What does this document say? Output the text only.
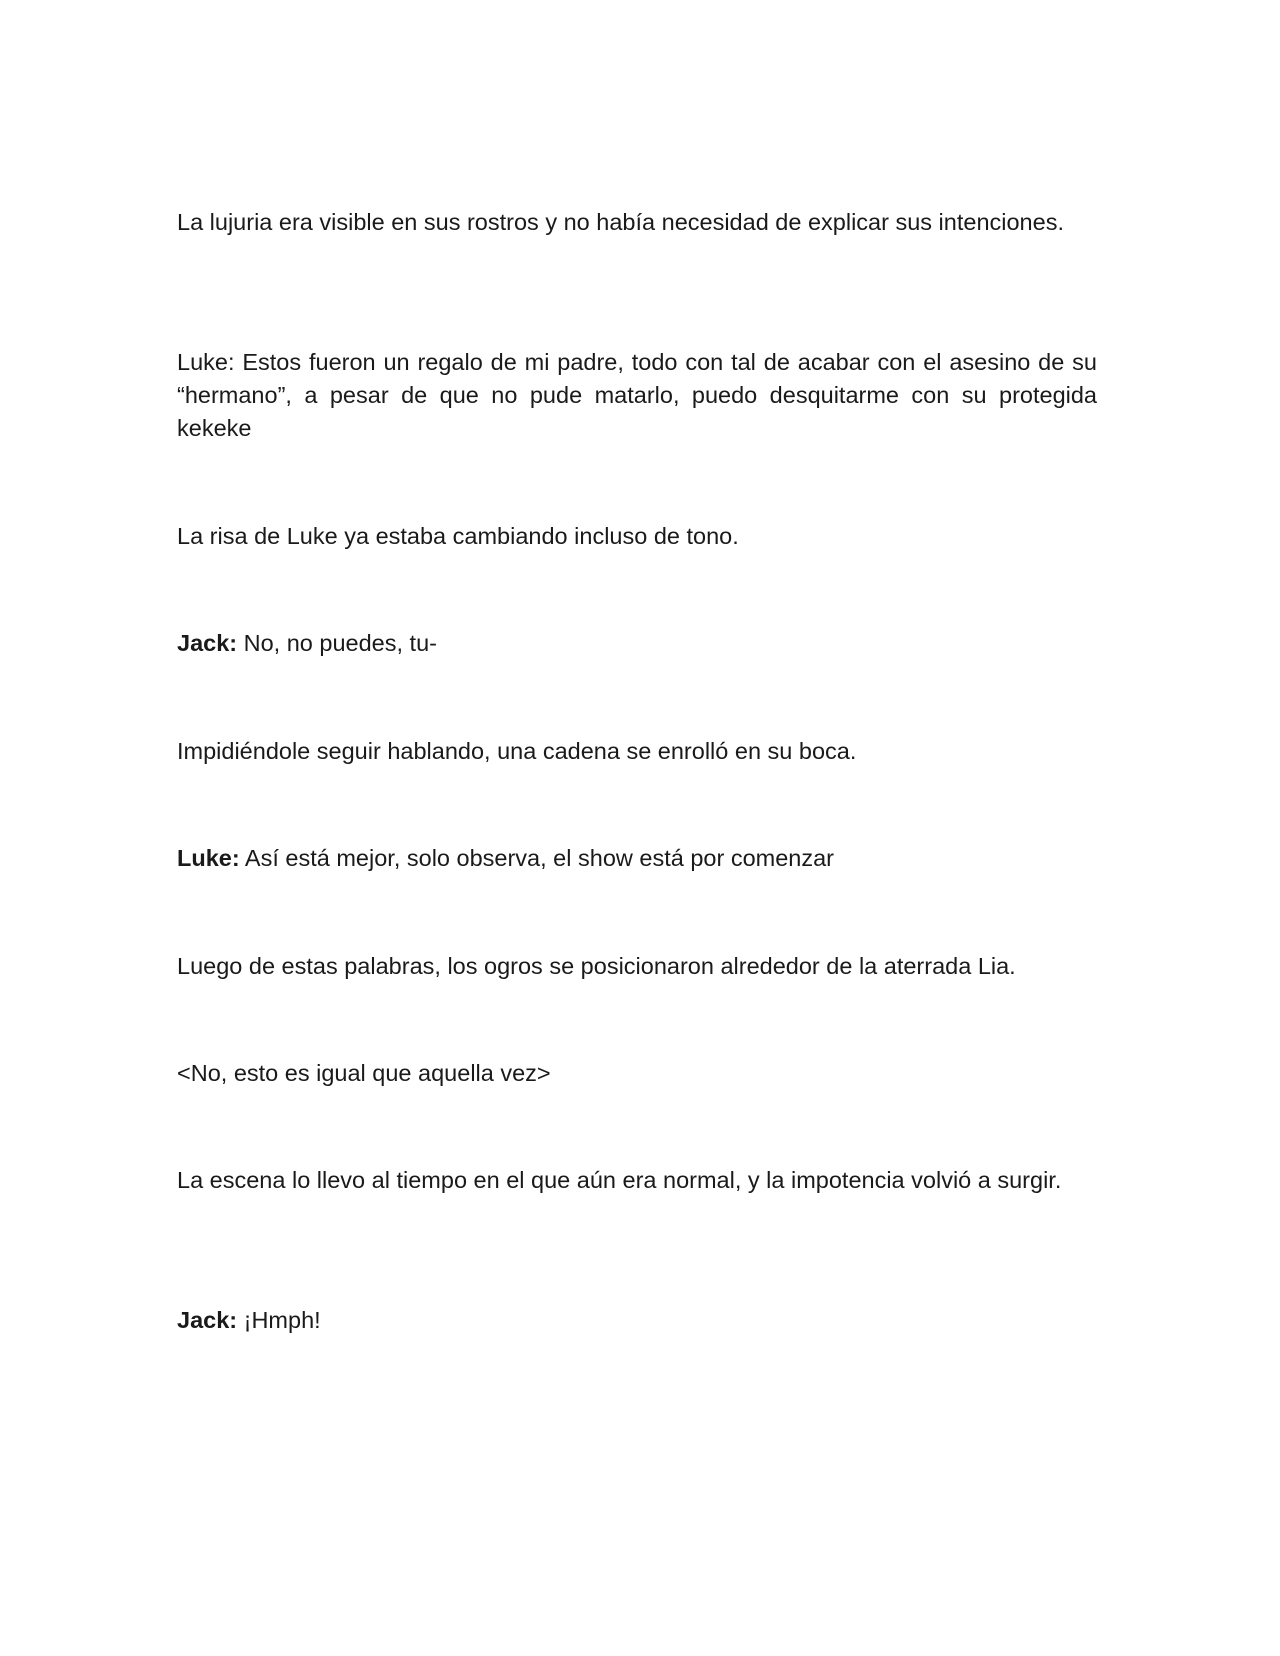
La lujuria era visible en sus rostros y no había necesidad de explicar sus intenciones.

Luke: Estos fueron un regalo de mi padre, todo con tal de acabar con el asesino de su “hermano”, a pesar de que no pude matarlo, puedo desquitarme con su protegida kekeke

La risa de Luke ya estaba cambiando incluso de tono.

Jack: No, no puedes, tu-

Impidiéndole seguir hablando, una cadena se enrolló en su boca.

Luke: Así está mejor, solo observa, el show está por comenzar

Luego de estas palabras, los ogros se posicionaron alrededor de la aterrada Lia.

<No, esto es igual que aquella vez>

La escena lo llevo al tiempo en el que aún era normal, y la impotencia volvió a surgir.

Jack: ¡Hmph!
